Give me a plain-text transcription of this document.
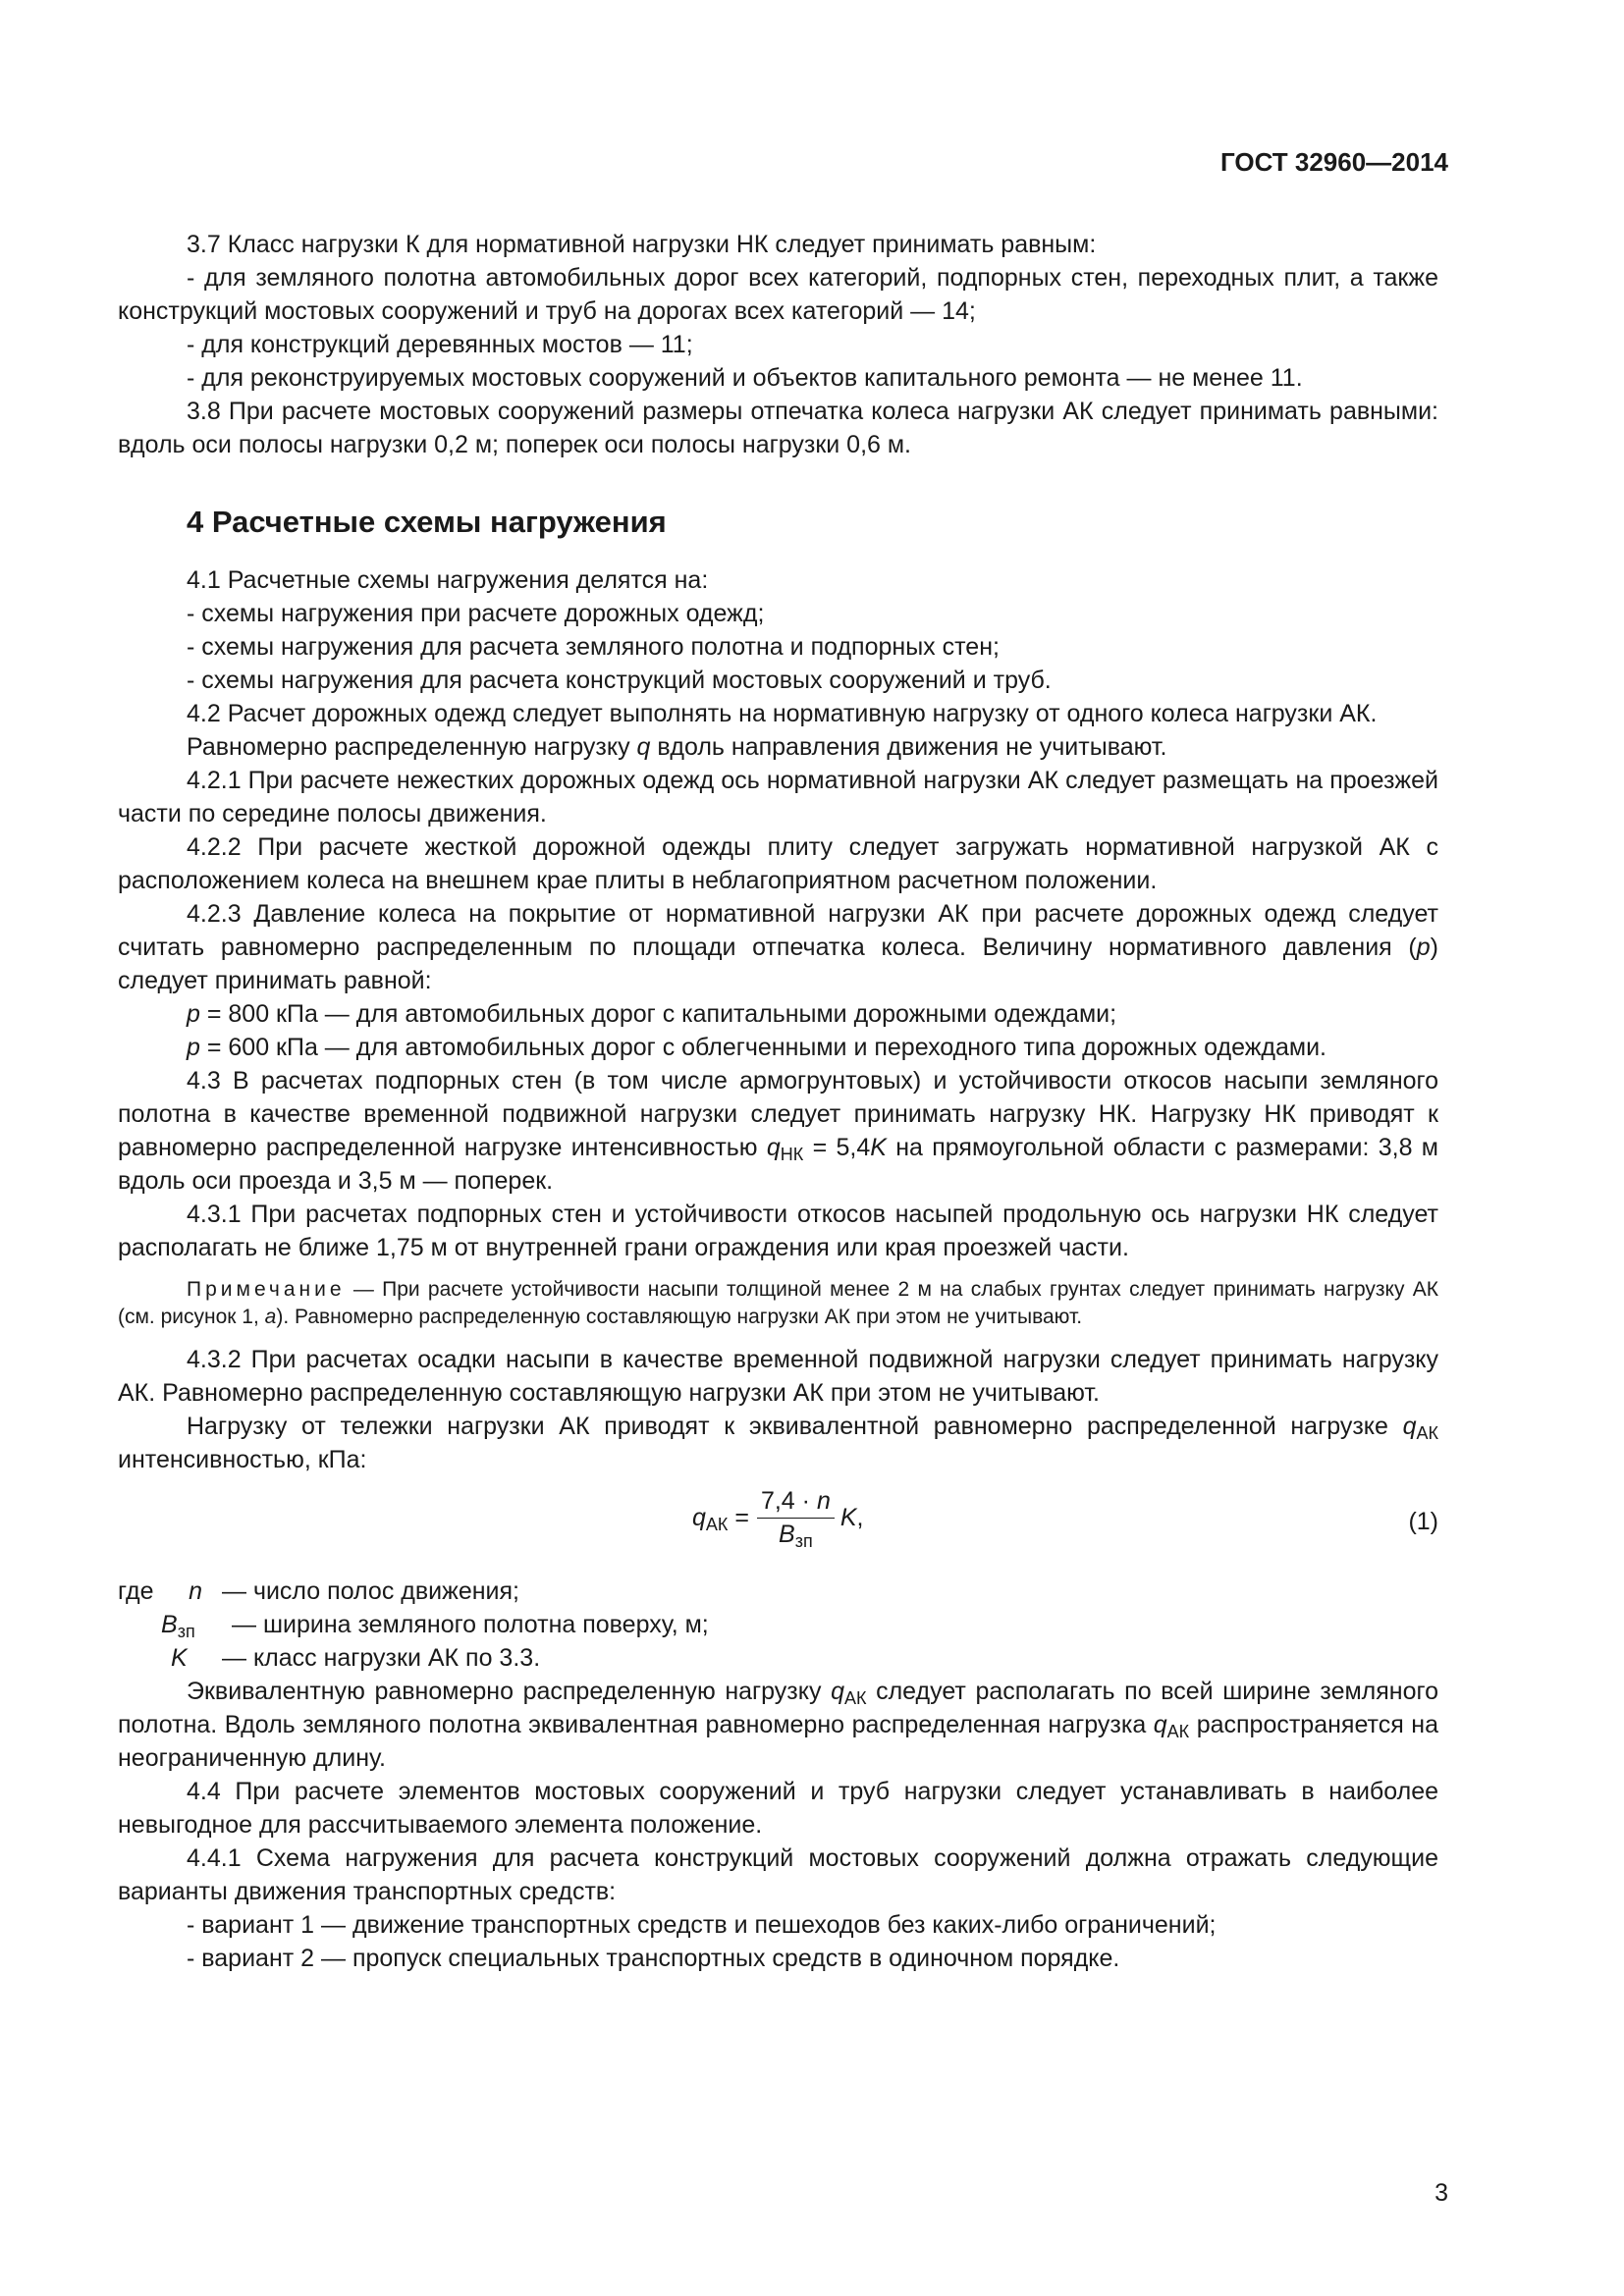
ГОСТ 32960—2014

3.7 Класс нагрузки К для нормативной нагрузки НК следует принимать равным:

- для земляного полотна автомобильных дорог всех категорий, подпорных стен, переходных плит, а также конструкций мостовых сооружений и труб на дорогах всех категорий — 14;

- для конструкций деревянных мостов — 11;

- для реконструируемых мостовых сооружений и объектов капитального ремонта — не менее 11.

3.8 При расчете мостовых сооружений размеры отпечатка колеса нагрузки АК следует принимать равными: вдоль оси полосы нагрузки 0,2 м; поперек оси полосы нагрузки 0,6 м.

4 Расчетные схемы нагружения

4.1 Расчетные схемы нагружения делятся на:

- схемы нагружения при расчете дорожных одежд;

- схемы нагружения для расчета земляного полотна и подпорных стен;

- схемы нагружения для расчета конструкций мостовых сооружений и труб.

4.2 Расчет дорожных одежд следует выполнять на нормативную нагрузку от одного колеса нагрузки АК.

Равномерно распределенную нагрузку q вдоль направления движения не учитывают.

4.2.1 При расчете нежестких дорожных одежд ось нормативной нагрузки АК следует размещать на проезжей части по середине полосы движения.

4.2.2 При расчете жесткой дорожной одежды плиту следует загружать нормативной нагрузкой АК с расположением колеса на внешнем крае плиты в неблагоприятном расчетном положении.

4.2.3 Давление колеса на покрытие от нормативной нагрузки АК при расчете дорожных одежд следует считать равномерно распределенным по площади отпечатка колеса. Величину нормативного давления (p) следует принимать равной:

p = 800 кПа — для автомобильных дорог с капитальными дорожными одеждами;

p = 600 кПа — для автомобильных дорог с облегченными и переходного типа дорожных одеждами.

4.3 В расчетах подпорных стен (в том числе армогрунтовых) и устойчивости откосов насыпи земляного полотна в качестве временной подвижной нагрузки следует принимать нагрузку НК. Нагрузку НК приводят к равномерно распределенной нагрузке интенсивностью $q_{НК} = 5,4K$ на прямоугольной области с размерами: 3,8 м вдоль оси проезда и 3,5 м — поперек.

4.3.1 При расчетах подпорных стен и устойчивости откосов насыпей продольную ось нагрузки НК следует располагать не ближе 1,75 м от внутренней грани ограждения или края проезжей части.

Примечание — При расчете устойчивости насыпи толщиной менее 2 м на слабых грунтах следует принимать нагрузку АК (см. рисунок 1, а). Равномерно распределенную составляющую нагрузки АК при этом не учитывают.

4.3.2 При расчетах осадки насыпи в качестве временной подвижной нагрузки следует принимать нагрузку АК. Равномерно распределенную составляющую нагрузки АК при этом не учитывают.

Нагрузку от тележки нагрузки АК приводят к эквивалентной равномерно распределенной нагрузке $q_{АК}$ интенсивностью, кПа:

$q_{АК} = \frac{7,4 \cdot n}{B_{зп}} K$,	(1)
где	n — число полос движения;
$B_{зп}$	— ширина земляного полотна поверху, м;
K	— класс нагрузки АК по 3.3.

Эквивалентную равномерно распределенную нагрузку $q_{АК}$ следует располагать по всей ширине земляного полотна. Вдоль земляного полотна эквивалентная равномерно распределенная нагрузка $q_{АК}$ распространяется на неограниченную длину.

4.4 При расчете элементов мостовых сооружений и труб нагрузки следует устанавливать в наиболее невыгодное для рассчитываемого элемента положение.

4.4.1 Схема нагружения для расчета конструкций мостовых сооружений должна отражать следующие варианты движения транспортных средств:

- вариант 1 — движение транспортных средств и пешеходов без каких-либо ограничений;

- вариант 2 — пропуск специальных транспортных средств в одиночном порядке.

3
